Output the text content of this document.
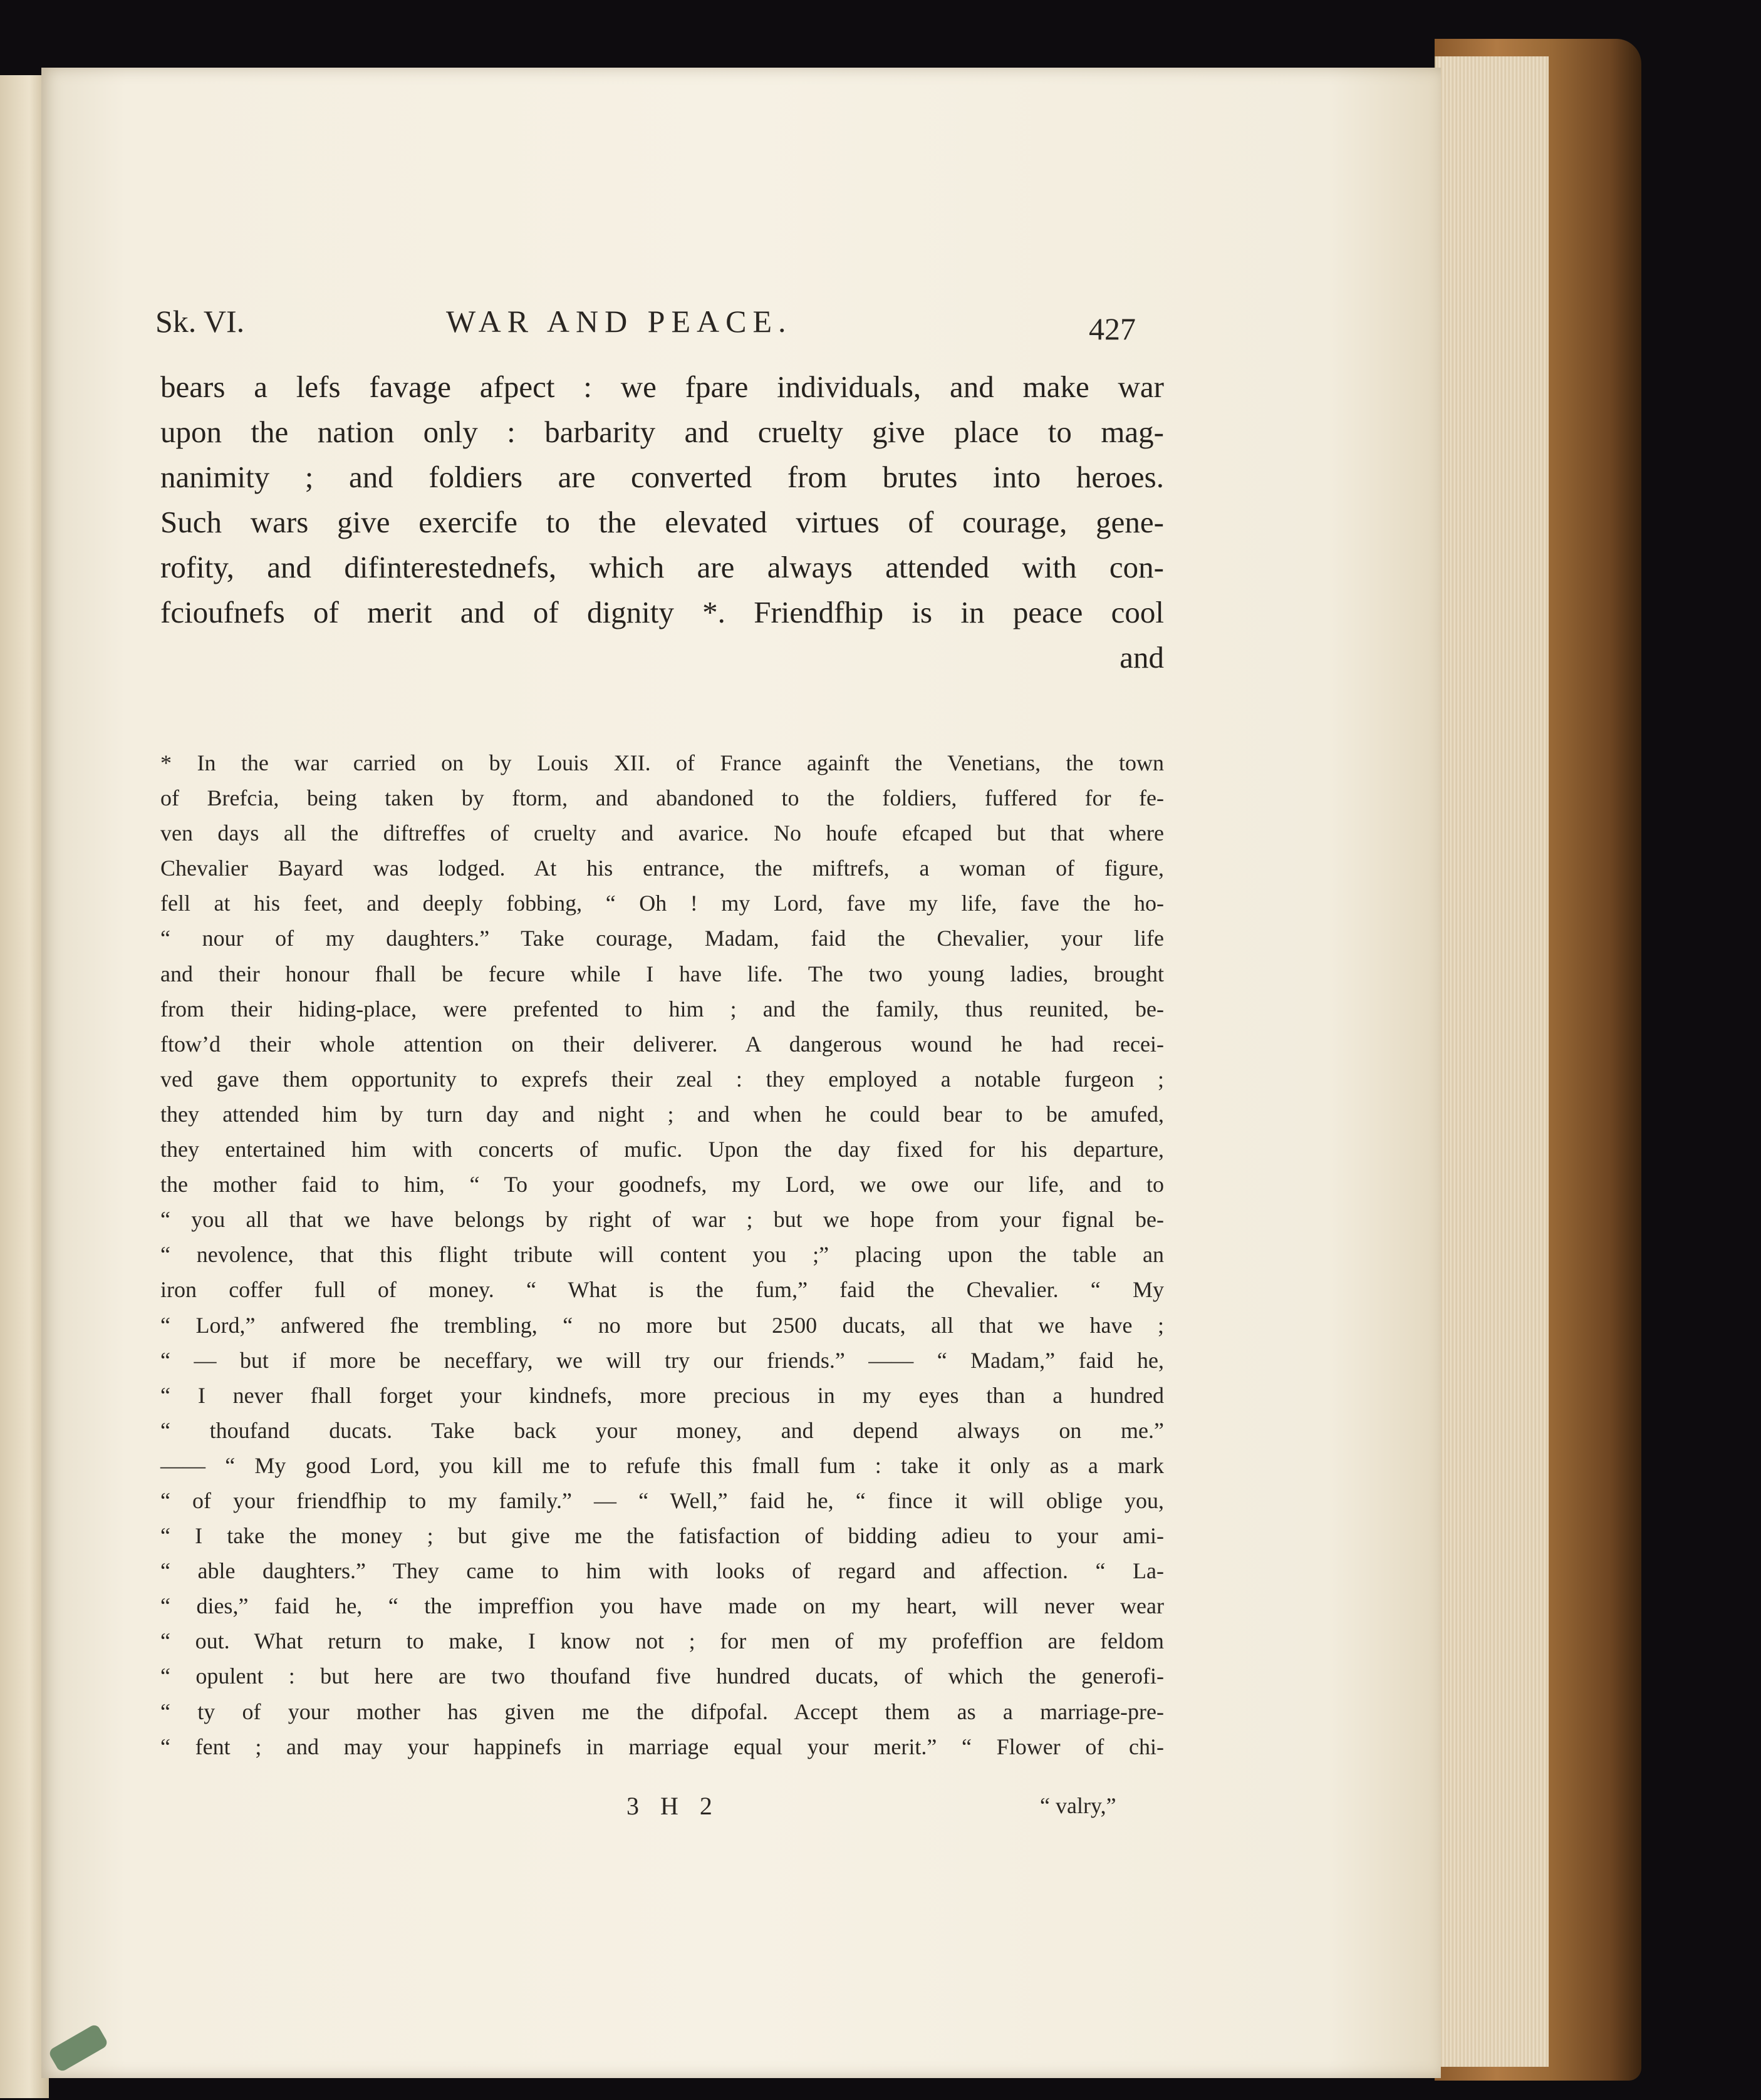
Sk. VI.	WAR AND PEACE.	427
bears a lefs favage afpect : we fpare individuals, and make war
upon the nation only : barbarity and cruelty give place to mag-
nanimity ; and foldiers are converted from brutes into heroes.
Such wars give exercife to the elevated virtues of courage, gene-
rofity, and difinterestednefs, which are always attended with con-
fcioufnefs of merit and of dignity *. Friendfhip is in peace cool
and
* In the war carried on by Louis XII. of France againft the Venetians, the town
of Brefcia, being taken by ftorm, and abandoned to the foldiers, fuffered for fe-
ven days all the diftreffes of cruelty and avarice. No houfe efcaped but that where
Chevalier Bayard was lodged. At his entrance, the miftrefs, a woman of figure,
fell at his feet, and deeply fobbing, “ Oh ! my Lord, fave my life, fave the ho-
“ nour of my daughters.” Take courage, Madam, faid the Chevalier, your life
and their honour fhall be fecure while I have life. The two young ladies, brought
from their hiding-place, were prefented to him ; and the family, thus reunited, be-
ftow’d their whole attention on their deliverer. A dangerous wound he had recei-
ved gave them opportunity to exprefs their zeal : they employed a notable furgeon ;
they attended him by turn day and night ; and when he could bear to be amufed,
they entertained him with concerts of mufic. Upon the day fixed for his departure,
the mother faid to him, “ To your goodnefs, my Lord, we owe our life, and to
“ you all that we have belongs by right of war ; but we hope from your fignal be-
“ nevolence, that this flight tribute will content you ;” placing upon the table an
iron coffer full of money. “ What is the fum,” faid the Chevalier. “ My
“ Lord,” anfwered fhe trembling, “ no more but 2500 ducats, all that we have ;
“ — but if more be neceffary, we will try our friends.” —— “ Madam,” faid he,
“ I never fhall forget your kindnefs, more precious in my eyes than a hundred
“ thoufand ducats. Take back your money, and depend always on me.”
—— “ My good Lord, you kill me to refufe this fmall fum : take it only as a mark
“ of your friendfhip to my family.” — “ Well,” faid he, “ fince it will oblige you,
“ I take the money ; but give me the fatisfaction of bidding adieu to your ami-
“ able daughters.” They came to him with looks of regard and affection. “ La-
“ dies,” faid he, “ the impreffion you have made on my heart, will never wear
“ out. What return to make, I know not ; for men of my profeffion are feldom
“ opulent : but here are two thoufand five hundred ducats, of which the generofi-
“ ty of your mother has given me the difpofal. Accept them as a marriage-pre-
“ fent ; and may your happinefs in marriage equal your merit.” “ Flower of chi-
3 H 2	“ valry,”
